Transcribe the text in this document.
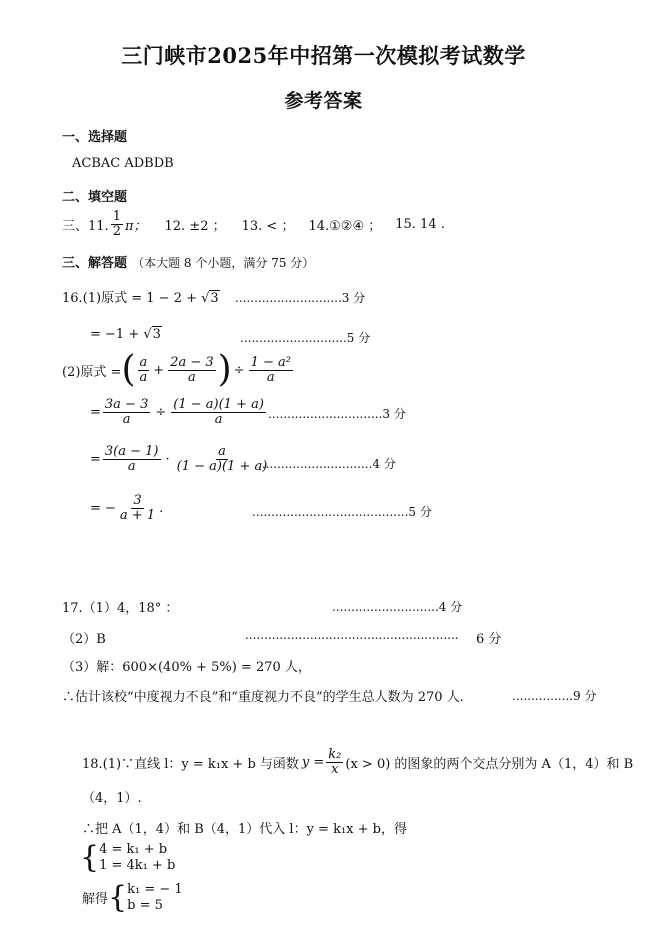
三门峡市2025年中招第一次模拟考试数学
参考答案
一、选择题
ACBAC ADBDB
二、填空题
三、11. $\frac{1}{2}$ π； 12. ±2 ； 13. < ； 14.①②④ ； 15. 14 .
三、解答题 （本大题 8 个小题，满分 75 分）
16.(1)原式 = 1 − 2 + √3 ............................3 分
= −1 + √3	............................5 分
(2)原式 = ( $\frac{a}{a} + \frac{2a - 3}{a}$ ) ÷ $\frac{\text{1 − a²}}{a}$
= $\frac{3a - 3}{a} \div \frac{(1 - a)(1 + a)}{a} ..............................3$ 分
= $\frac{3(a - 1)}{a} \cdot \frac{a}{(1 - a)(1 + a)}$
..............................4 分
= − $\frac{3}{a + 1}$ .	.........................................5 分
17.（1）4，18° ：	............................4 分
（2）B	........................................................ 6 分
（3）解：600×(40% + 5%) = 270 人，
∴估计该校“中度视力不良”和“重度视力不良”的学生总人数为 270 人.	................9 分
18.(1)∵直线 l：y = k₁x + b 与函数 $y = \frac{\text{k₂}}{x} (x > 0)$ 的图象的两个交点分别为 A（1，4）和 B
（4，1）.
∴把 A（1，4）和 B（4，1）代入 l：y = k₁x + b，得
{ 4 = k₁ + b
1 = 4k₁ + b
解得 { k₁ = − 1
b = 5
